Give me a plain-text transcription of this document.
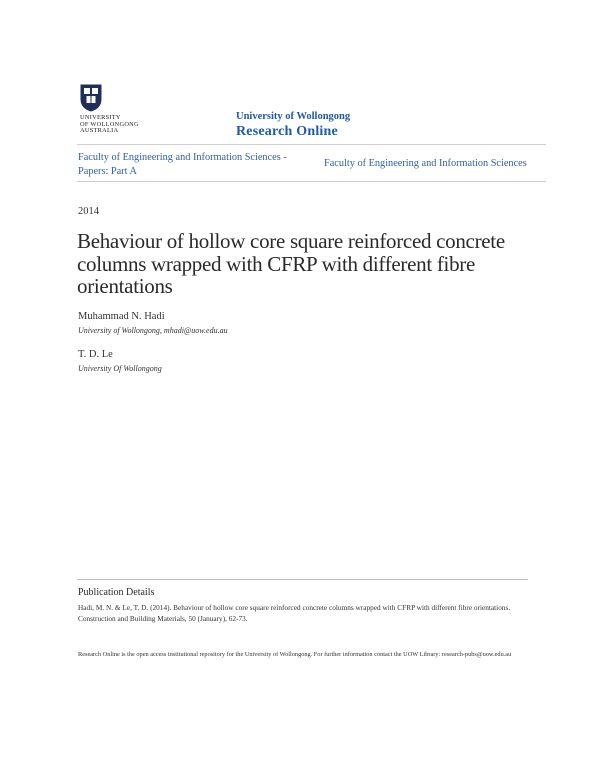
UNIVERSITY
OF WOLLONGONG
AUSTRALIA
University of Wollongong
Research Online
Faculty of Engineering and Information Sciences -
Papers: Part A
Faculty of Engineering and Information Sciences
2014
Behaviour of hollow core square reinforced concrete columns wrapped with CFRP with different fibre orientations
Muhammad N. Hadi
University of Wollongong, mhadi@uow.edu.au
T. D. Le
University Of Wollongong
Publication Details
Hadi, M. N. & Le, T. D. (2014). Behaviour of hollow core square reinforced concrete columns wrapped with CFRP with different fibre orientations. Construction and Building Materials, 50 (January), 62-73.
Research Online is the open access institutional repository for the University of Wollongong. For further information contact the UOW Library: research-pubs@uow.edu.au
